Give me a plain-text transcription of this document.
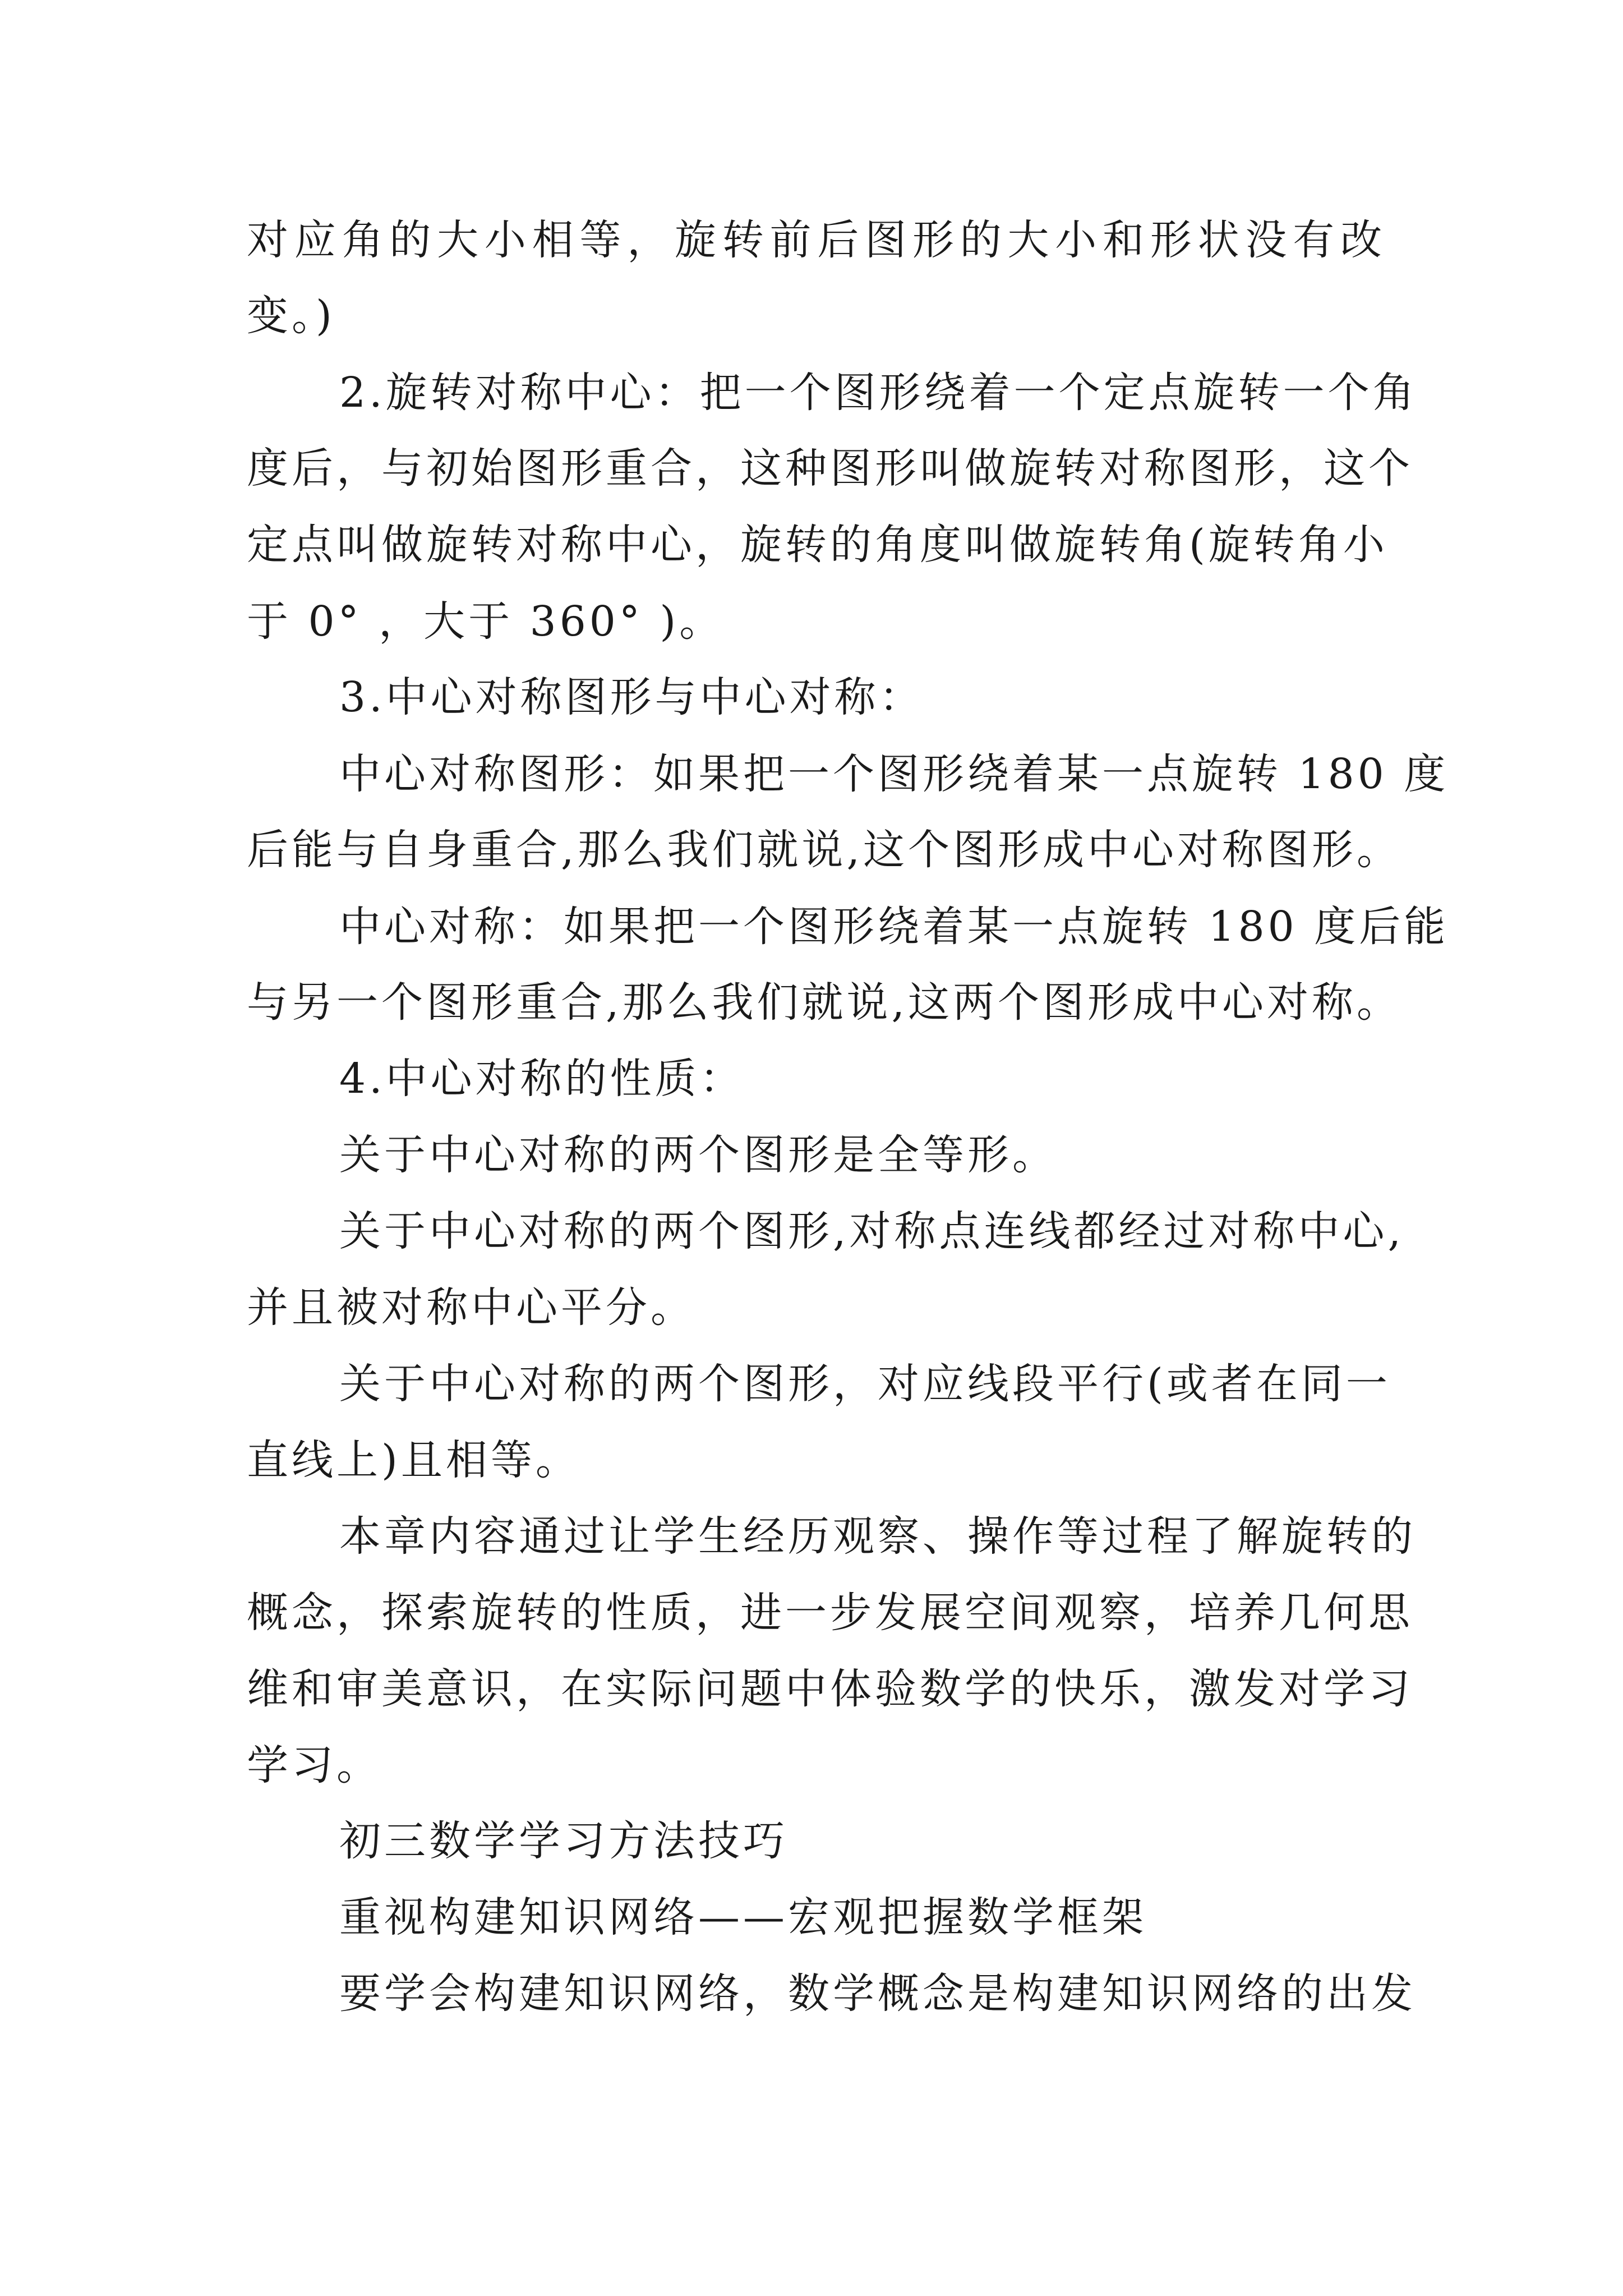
对应角的大小相等，旋转前后图形的大小和形状没有改
变。)
2.旋转对称中心：把一个图形绕着一个定点旋转一个角
度后，与初始图形重合，这种图形叫做旋转对称图形，这个
定点叫做旋转对称中心，旋转的角度叫做旋转角(旋转角小
于 0° ，大于 360° )。
3.中心对称图形与中心对称：
中心对称图形：如果把一个图形绕着某一点旋转 180 度
后能与自身重合,那么我们就说,这个图形成中心对称图形。
中心对称：如果把一个图形绕着某一点旋转 180 度后能
与另一个图形重合,那么我们就说,这两个图形成中心对称。
4.中心对称的性质：
关于中心对称的两个图形是全等形。
关于中心对称的两个图形,对称点连线都经过对称中心,
并且被对称中心平分。
关于中心对称的两个图形，对应线段平行(或者在同一
直线上)且相等。
本章内容通过让学生经历观察、操作等过程了解旋转的
概念，探索旋转的性质，进一步发展空间观察，培养几何思
维和审美意识，在实际问题中体验数学的快乐，激发对学习
学习。
初三数学学习方法技巧
重视构建知识网络——宏观把握数学框架
要学会构建知识网络，数学概念是构建知识网络的出发
